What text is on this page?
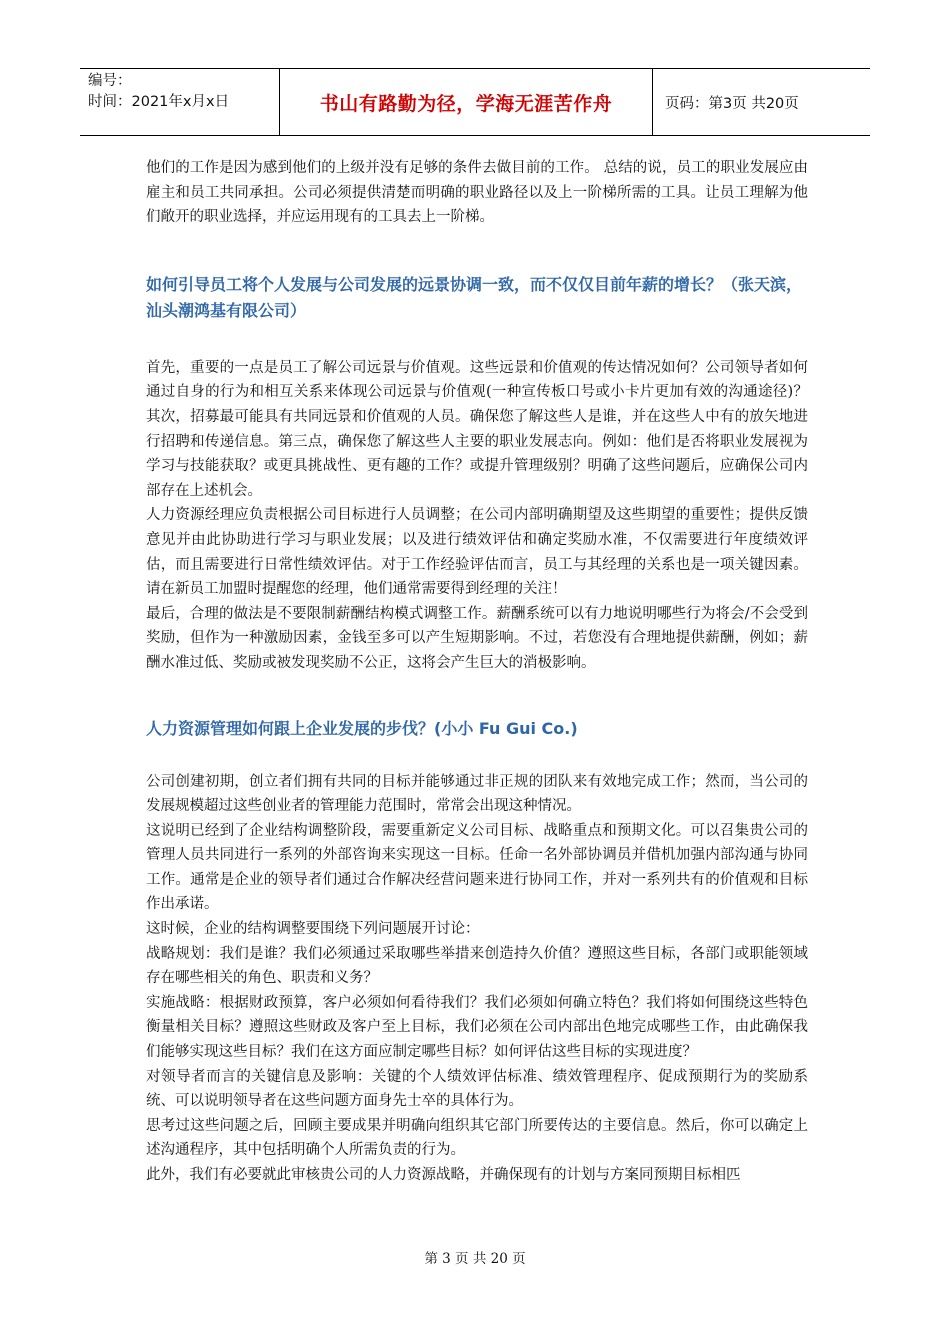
编号：
时间：2021年x月x日	书山有路勤为径，学海无涯苦作舟	页码：第3页 共20页

他们的工作是因为感到他们的上级并没有足够的条件去做目前的工作。 总结的说，员工的职业发展应由雇主和员工共同承担。公司必须提供清楚而明确的职业路径以及上一阶梯所需的工具。让员工理解为他们敞开的职业选择，并应运用现有的工具去上一阶梯。

如何引导员工将个人发展与公司发展的远景协调一致，而不仅仅目前年薪的增长？（张天滨，汕头潮鸿基有限公司）

首先，重要的一点是员工了解公司远景与价值观。这些远景和价值观的传达情况如何？公司领导者如何通过自身的行为和相互关系来体现公司远景与价值观(一种宣传板口号或小卡片更加有效的沟通途径)？其次，招募最可能具有共同远景和价值观的人员。确保您了解这些人是谁，并在这些人中有的放矢地进行招聘和传递信息。第三点，确保您了解这些人主要的职业发展志向。例如：他们是否将职业发展视为学习与技能获取？或更具挑战性、更有趣的工作？或提升管理级别？明确了这些问题后，应确保公司内部存在上述机会。

人力资源经理应负责根据公司目标进行人员调整；在公司内部明确期望及这些期望的重要性；提供反馈意见并由此协助进行学习与职业发展；以及进行绩效评估和确定奖励水准，不仅需要进行年度绩效评估，而且需要进行日常性绩效评估。对于工作经验评估而言，员工与其经理的关系也是一项关键因素。请在新员工加盟时提醒您的经理，他们通常需要得到经理的关注！

最后，合理的做法是不要限制薪酬结构模式调整工作。薪酬系统可以有力地说明哪些行为将会/不会受到奖励，但作为一种激励因素，金钱至多可以产生短期影响。不过，若您没有合理地提供薪酬，例如；薪酬水准过低、奖励或被发现奖励不公正，这将会产生巨大的消极影响。

人力资源管理如何跟上企业发展的步伐？(小小 Fu Gui Co.)

公司创建初期，创立者们拥有共同的目标并能够通过非正规的团队来有效地完成工作；然而，当公司的发展规模超过这些创业者的管理能力范围时，常常会出现这种情况。

这说明已经到了企业结构调整阶段，需要重新定义公司目标、战略重点和预期文化。可以召集贵公司的管理人员共同进行一系列的外部咨询来实现这一目标。任命一名外部协调员并借机加强内部沟通与协同工作。通常是企业的领导者们通过合作解决经营问题来进行协同工作，并对一系列共有的价值观和目标作出承诺。

这时候，企业的结构调整要围绕下列问题展开讨论：

战略规划：我们是谁？我们必须通过采取哪些举措来创造持久价值？遵照这些目标，各部门或职能领域存在哪些相关的角色、职责和义务？

实施战略：根据财政预算，客户必须如何看待我们？我们必须如何确立特色？我们将如何围绕这些特色衡量相关目标？遵照这些财政及客户至上目标，我们必须在公司内部出色地完成哪些工作，由此确保我们能够实现这些目标？我们在这方面应制定哪些目标？如何评估这些目标的实现进度？

对领导者而言的关键信息及影响：关键的个人绩效评估标准、绩效管理程序、促成预期行为的奖励系统、可以说明领导者在这些问题方面身先士卒的具体行为。

思考过这些问题之后，回顾主要成果并明确向组织其它部门所要传达的主要信息。然后，你可以确定上述沟通程序，其中包括明确个人所需负责的行为。

此外，我们有必要就此审核贵公司的人力资源战略，并确保现有的计划与方案同预期目标相匹

第 3 页 共 20 页
